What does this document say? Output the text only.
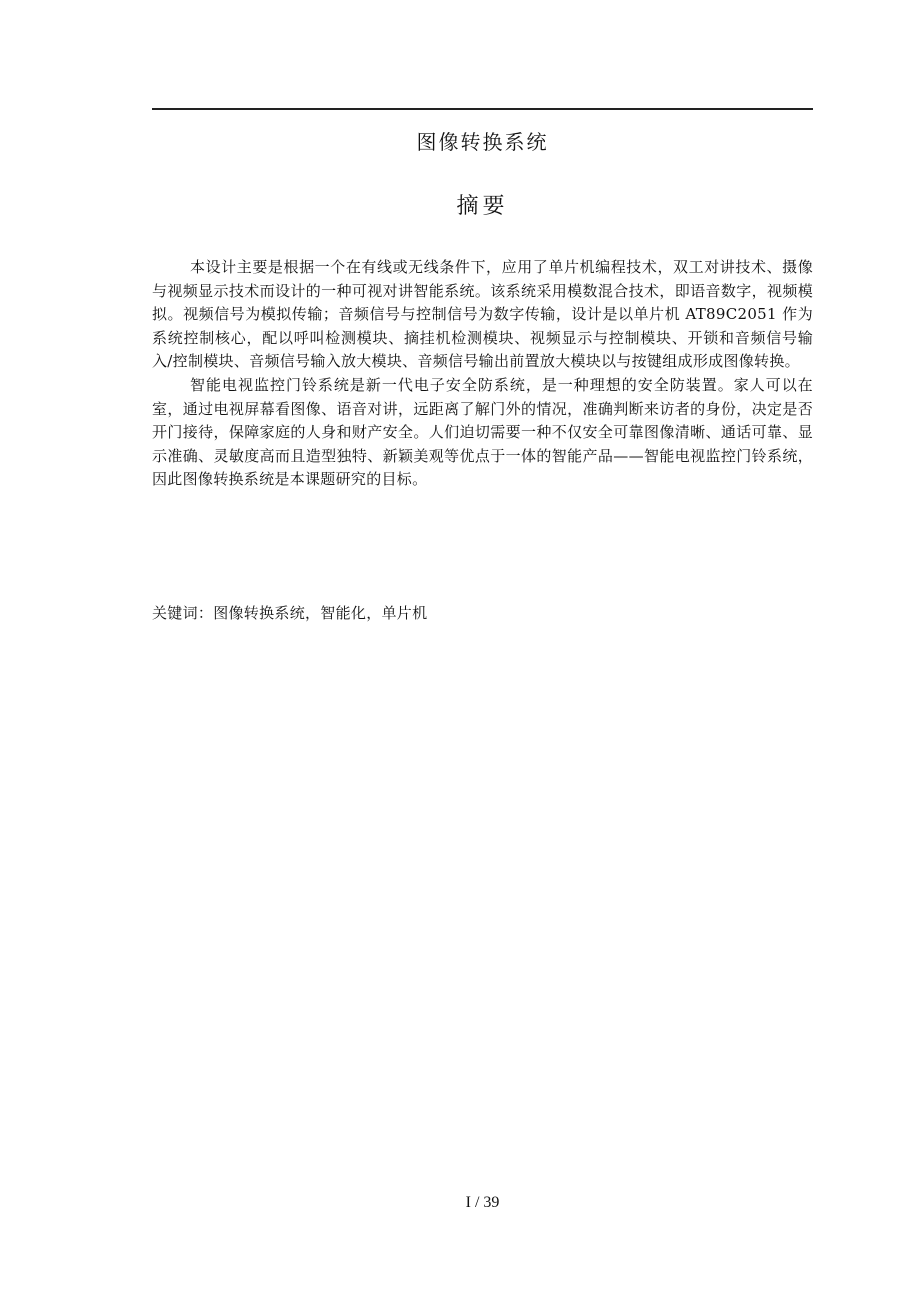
图像转换系统
摘要

本设计主要是根据一个在有线或无线条件下，应用了单片机编程技术，双工对讲技术、摄像与视频显示技术而设计的一种可视对讲智能系统。该系统采用模数混合技术，即语音数字，视频模拟。视频信号为模拟传输；音频信号与控制信号为数字传输，设计是以单片机 AT89C2051 作为系统控制核心，配以呼叫检测模块、摘挂机检测模块、视频显示与控制模块、开锁和音频信号输入/控制模块、音频信号输入放大模块、音频信号输出前置放大模块以与按键组成形成图像转换。

智能电视监控门铃系统是新一代电子安全防系统，是一种理想的安全防装置。家人可以在室，通过电视屏幕看图像、语音对讲，远距离了解门外的情况，准确判断来访者的身份，决定是否开门接待，保障家庭的人身和财产安全。人们迫切需要一种不仅安全可靠图像清晰、通话可靠、显示准确、灵敏度高而且造型独特、新颖美观等优点于一体的智能产品——智能电视监控门铃系统，因此图像转换系统是本课题研究的目标。

关键词：图像转换系统，智能化，单片机
I / 39
